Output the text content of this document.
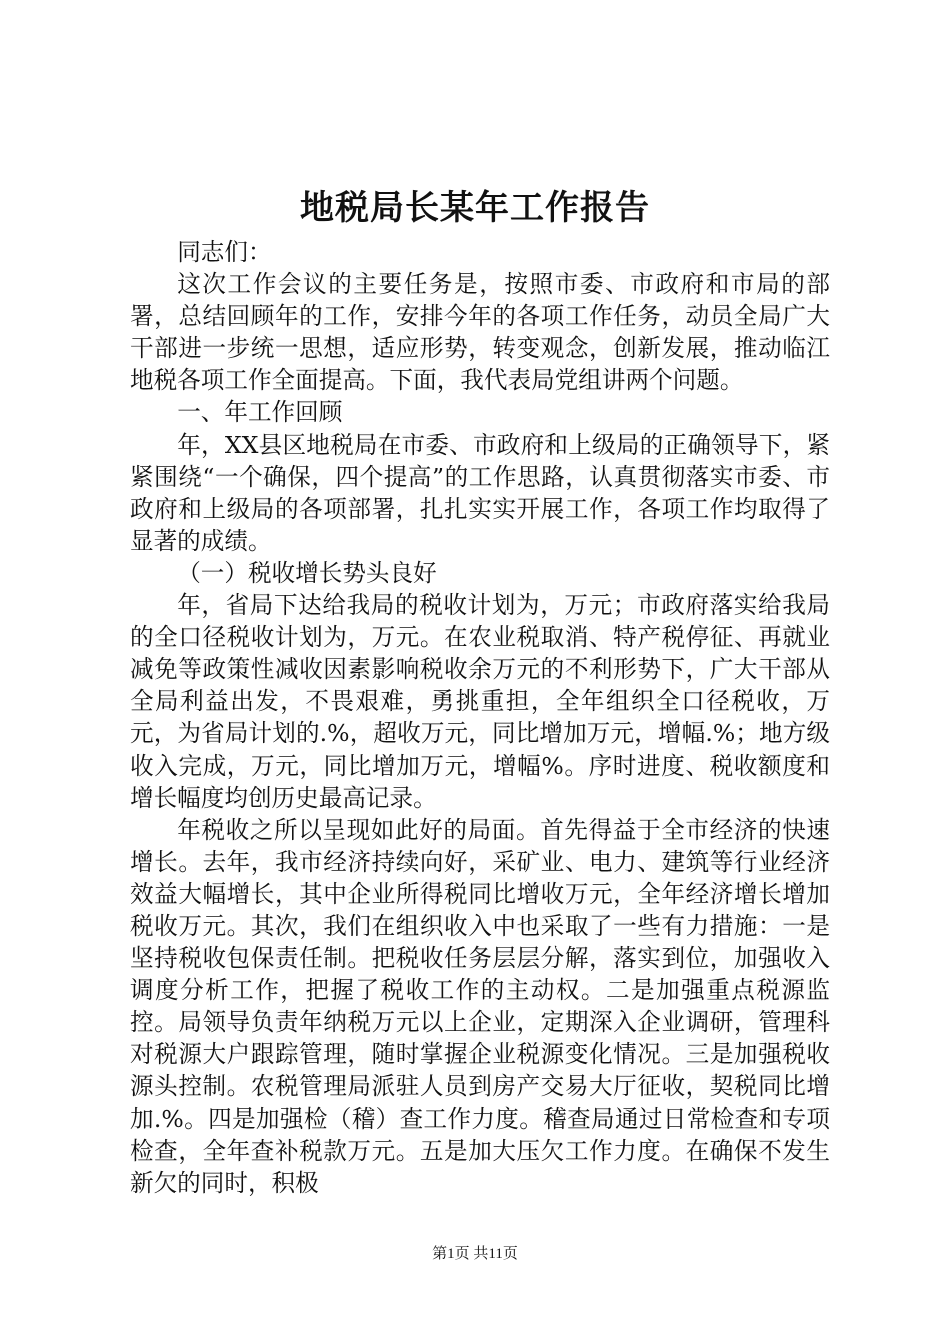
地税局长某年工作报告

同志们：

这次工作会议的主要任务是，按照市委、市政府和市局的部署，总结回顾年的工作，安排今年的各项工作任务，动员全局广大干部进一步统一思想，适应形势，转变观念，创新发展，推动临江地税各项工作全面提高。下面，我代表局党组讲两个问题。

一、年工作回顾

年，XX县区地税局在市委、市政府和上级局的正确领导下，紧紧围绕“一个确保，四个提高”的工作思路，认真贯彻落实市委、市政府和上级局的各项部署，扎扎实实开展工作，各项工作均取得了显著的成绩。

（一）税收增长势头良好

年，省局下达给我局的税收计划为，万元；市政府落实给我局的全口径税收计划为，万元。在农业税取消、特产税停征、再就业减免等政策性减收因素影响税收余万元的不利形势下，广大干部从全局利益出发，不畏艰难，勇挑重担，全年组织全口径税收，万元，为省局计划的.%，超收万元，同比增加万元，增幅.%；地方级收入完成，万元，同比增加万元，增幅%。序时进度、税收额度和增长幅度均创历史最高记录。

年税收之所以呈现如此好的局面。首先得益于全市经济的快速增长。去年，我市经济持续向好，采矿业、电力、建筑等行业经济效益大幅增长，其中企业所得税同比增收万元，全年经济增长增加税收万元。其次，我们在组织收入中也采取了一些有力措施：一是坚持税收包保责任制。把税收任务层层分解，落实到位，加强收入调度分析工作，把握了税收工作的主动权。二是加强重点税源监控。局领导负责年纳税万元以上企业，定期深入企业调研，管理科对税源大户跟踪管理，随时掌握企业税源变化情况。三是加强税收源头控制。农税管理局派驻人员到房产交易大厅征收，契税同比增加.%。四是加强检（稽）查工作力度。稽查局通过日常检查和专项检查，全年查补税款万元。五是加大压欠工作力度。在确保不发生新欠的同时，积极

第1页 共11页
